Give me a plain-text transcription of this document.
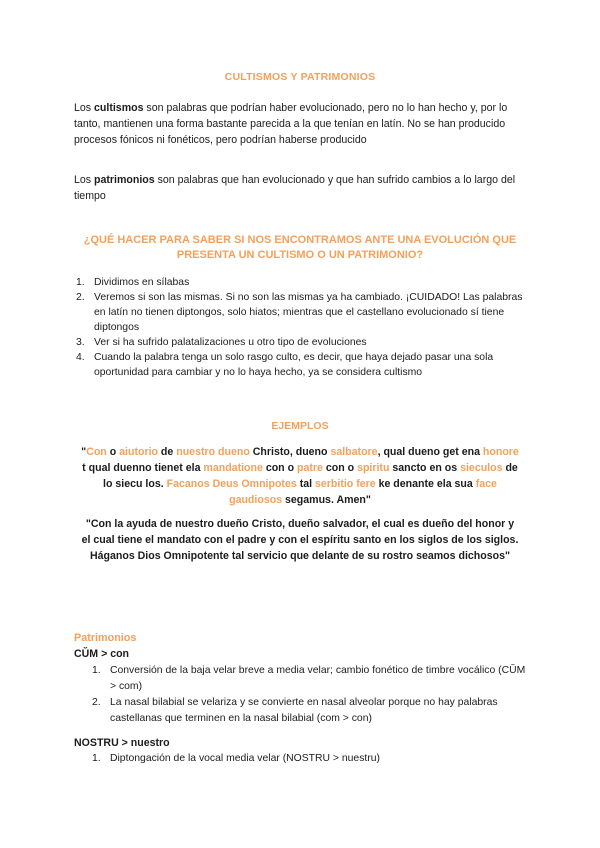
CULTISMOS Y PATRIMONIOS
Los cultismos son palabras que podrían haber evolucionado, pero no lo han hecho y, por lo tanto, mantienen una forma bastante parecida a la que tenían en latín. No se han producido procesos fónicos ni fonéticos, pero podrían haberse producido
Los patrimonios son palabras que han evolucionado y que han sufrido cambios a lo largo del tiempo
¿QUÉ HACER PARA SABER SI NOS ENCONTRAMOS ANTE UNA EVOLUCIÓN QUE PRESENTA UN CULTISMO O UN PATRIMONIO?
1. Dividimos en sílabas
2. Veremos si son las mismas. Si no son las mismas ya ha cambiado. ¡CUIDADO! Las palabras en latín no tienen diptongos, solo hiatos; mientras que el castellano evolucionado sí tiene diptongos
3. Ver si ha sufrido palatalizaciones u otro tipo de evoluciones
4. Cuando la palabra tenga un solo rasgo culto, es decir, que haya dejado pasar una sola oportunidad para cambiar y no lo haya hecho, ya se considera cultismo
EJEMPLOS
"Con o aiutorio de nuestro dueno Christo, dueno salbatore, qual dueno get ena honore t qual duenno tienet ela mandatione con o patre con o spiritu sancto en os sieculos de lo siecu los. Facanos Deus Omnipotes tal serbitio fere ke denante ela sua face gaudiosos segamus. Amen"
"Con la ayuda de nuestro dueño Cristo, dueño salvador, el cual es dueño del honor y el cual tiene el mandato con el padre y con el espíritu santo en los siglos de los siglos. Háganos Dios Omnipotente tal servicio que delante de su rostro seamos dichosos"
Patrimonios
CŬM > con
1. Conversión de la baja velar breve a media velar; cambio fonético de timbre vocálico (CŬM > com)
2. La nasal bilabial se velariza y se convierte en nasal alveolar porque no hay palabras castellanas que terminen en la nasal bilabial (com > con)
NOSTRU > nuestro
1. Diptongación de la vocal media velar (NOSTRU > nuestru)
